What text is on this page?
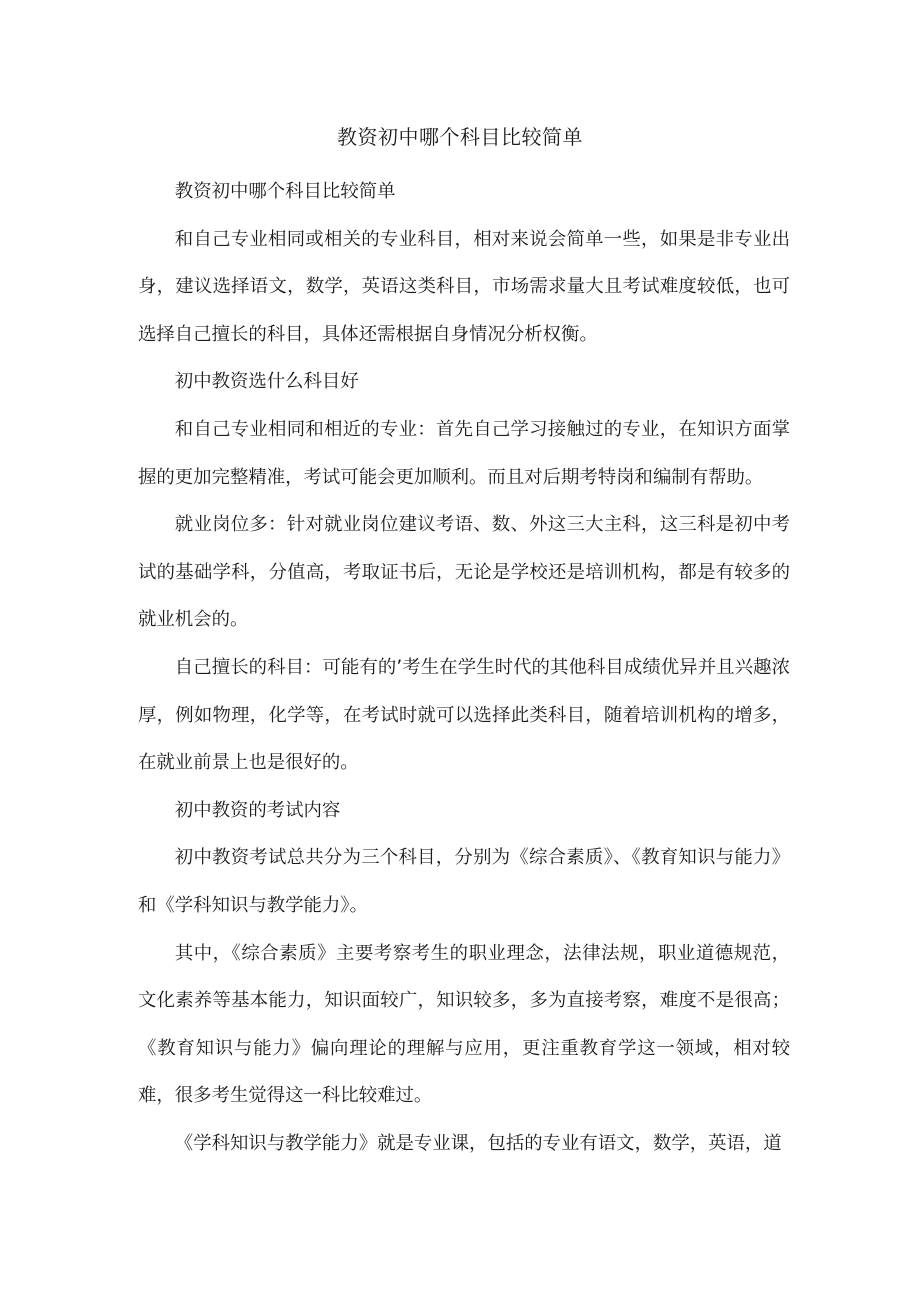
教资初中哪个科目比较简单

教资初中哪个科目比较简单

和自己专业相同或相关的专业科目，相对来说会简单一些，如果是非专业出身，建议选择语文，数学，英语这类科目，市场需求量大且考试难度较低，也可选择自己擅长的科目，具体还需根据自身情况分析权衡。

初中教资选什么科目好

和自己专业相同和相近的专业：首先自己学习接触过的专业，在知识方面掌握的更加完整精准，考试可能会更加顺利。而且对后期考特岗和编制有帮助。

就业岗位多：针对就业岗位建议考语、数、外这三大主科，这三科是初中考试的基础学科，分值高，考取证书后，无论是学校还是培训机构，都是有较多的就业机会的。

自己擅长的科目：可能有的’考生在学生时代的其他科目成绩优异并且兴趣浓厚，例如物理，化学等，在考试时就可以选择此类科目，随着培训机构的增多，在就业前景上也是很好的。

初中教资的考试内容

初中教资考试总共分为三个科目，分别为《综合素质》、《教育知识与能力》和《学科知识与教学能力》。

其中，《综合素质》主要考察考生的职业理念，法律法规，职业道德规范，文化素养等基本能力，知识面较广，知识较多，多为直接考察，难度不是很高；《教育知识与能力》偏向理论的理解与应用，更注重教育学这一领域，相对较难，很多考生觉得这一科比较难过。

《学科知识与教学能力》就是专业课，包括的专业有语文，数学，英语，道
